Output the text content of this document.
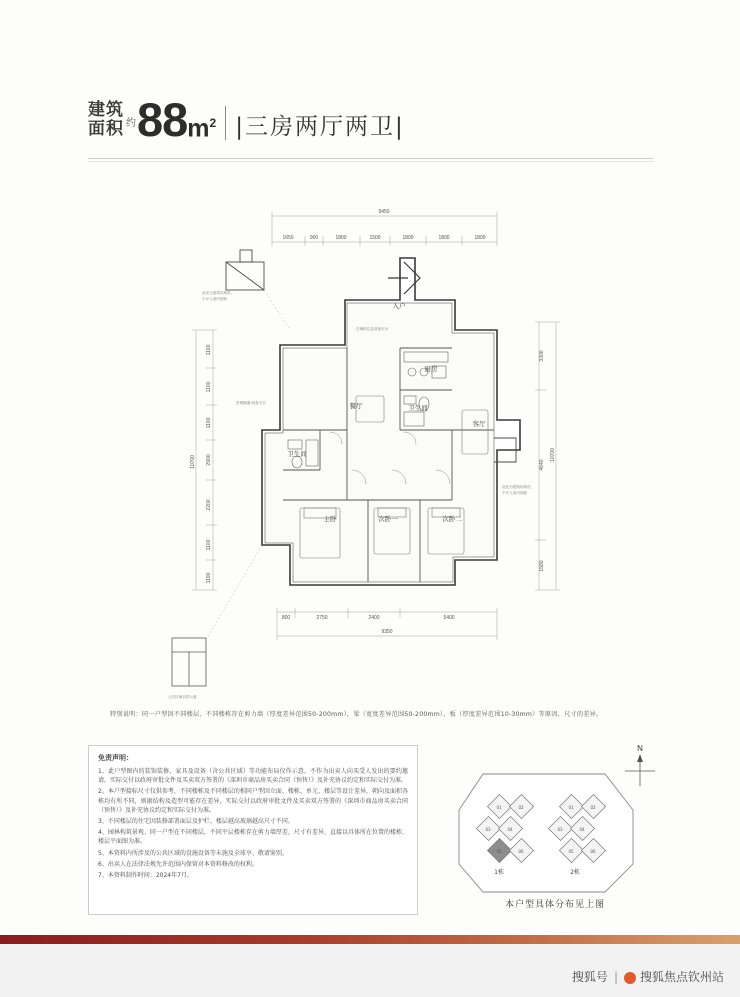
建筑
面积 约 88 $m^2$ |三房两厅两卫|
9450
1650	900	1800	1500	1800	1800	1800
10700
1100
1100
1100
2900
2200
1100
1100
10700
3300
4640
1580
800	2750	2400	5400
9350
此处为建筑结构柱,
不计入套内面积
空调机位及设备平台
景观飘窗/设备平台
此处为建筑结构柱,
不计入套内面积
公共区域仅供示意
厨房
卫生间
客厅
餐厅
卫生间
主卧	次卧一	次卧二
入户
特别说明：同一户型因不同楼层、不同楼栋存在剪力墙（厚度差异范围50-200mm），梁（宽度差异范围50-200mm），板（厚度差异范围10-30mm）等原因，尺寸的差异。
免责声明：

1、此户型图内的装饰装修、家具及设备（含公共区域）等功能布局仅作示意，不作为出卖人向买受人发出的要约邀请，实际交付以政府审批文件及买卖双方签署的《深圳市商品房买卖合同（预售）》及补充协议约定和实际交付为准。

2、本户型接标尺寸仅供参考，不同楼栋及不同楼层的相同户型因立面、楼栋、单元、楼层等设计差异，朝向及面积各栋均有所不同，则据结构及造型可能存在差异，实际交付以政府审批文件及买卖双方签署的《深圳市商品房买卖合同（预售）》及补充协议约定和实际交付为准。

3、不同楼层的住宅因装修部署面层及护栏、楼层越高玻璃越高尺寸不同。

4、园林构筑景观、同一户型在不同楼层，不同平层楼栋存在剪力墙厚差，尺寸有差异，直接以具体所在位置的楼栋、楼层平面图为准。

5、本资料内所涉及的公共区域的设施设备等未施及全球享、敬请鉴别。

6、出卖人在法律法规允许范围内保留对本资料修改的权利。

7、本资料制作时间：2024年7月。

01	02
03	04
05	06
1栋
01	02
03	04
05	06
2栋
N
本户型具体分布见上图
搜狐号 | 搜狐焦点钦州站
